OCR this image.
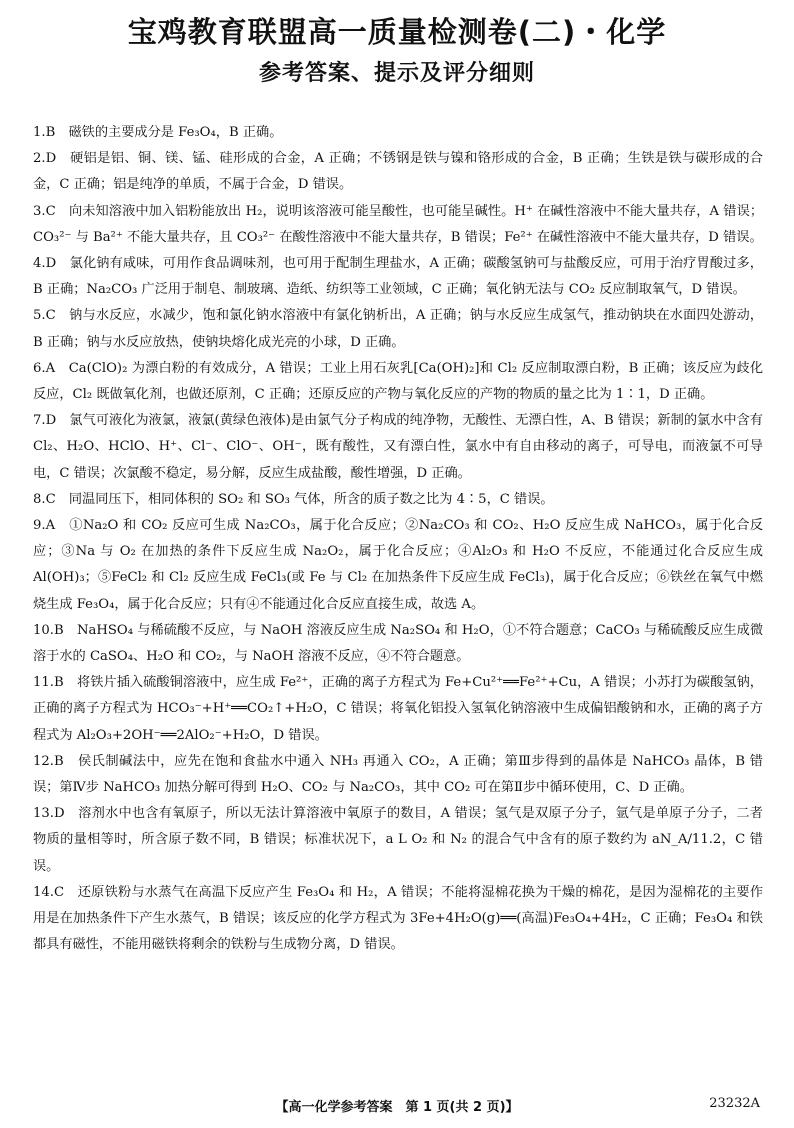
宝鸡教育联盟高一质量检测卷(二)・化学
参考答案、提示及评分细则
1.B　 磁铁的主要成分是 Fe₃O₄，B 正确。
2.D　 硬铝是铝、铜、镁、锰、硅形成的合金，A 正确；不锈钢是铁与镍和铬形成的合金，B 正确；生铁是铁与碳形成的合金，C 正确；铝是纯净的单质，不属于合金，D 错误。
3.C　 向未知溶液中加入铝粉能放出 H₂，说明该溶液可能呈酸性，也可能呈碱性。H⁺ 在碱性溶液中不能大量共存，A 错误；CO₃²⁻ 与 Ba²⁺ 不能大量共存，且 CO₃²⁻ 在酸性溶液中不能大量共存，B 错误；Fe²⁺ 在碱性溶液中不能大量共存，D 错误。
4.D　 氯化钠有咸味，可用作食品调味剂，也可用于配制生理盐水，A 正确；碳酸氢钠可与盐酸反应，可用于治疗胃酸过多，B 正确；Na₂CO₃ 广泛用于制皂、制玻璃、造纸、纺织等工业领域，C 正确；氧化钠无法与 CO₂ 反应制取氧气，D 错误。
5.C　 钠与水反应，水减少，饱和氯化钠水溶液中有氯化钠析出，A 正确；钠与水反应生成氢气，推动钠块在水面四处游动，B 正确；钠与水反应放热，使钠块熔化成光亮的小球，D 正确。
6.A　 Ca(ClO)₂ 为漂白粉的有效成分，A 错误；工业上用石灰乳[Ca(OH)₂]和 Cl₂ 反应制取漂白粉，B 正确；该反应为歧化反应，Cl₂ 既做氧化剂，也做还原剂，C 正确；还原反应的产物与氧化反应的产物的物质的量之比为 1∶1，D 正确。
7.D　 氯气可液化为液氯，液氯(黄绿色液体)是由氯气分子构成的纯净物，无酸性、无漂白性，A、B 错误；新制的氯水中含有 Cl₂、H₂O、HClO、H⁺、Cl⁻、ClO⁻、OH⁻，既有酸性，又有漂白性，氯水中有自由移动的离子，可导电，而液氯不可导电，C 错误；次氯酸不稳定，易分解，反应生成盐酸，酸性增强，D 正确。
8.C　 同温同压下，相同体积的 SO₂ 和 SO₃ 气体，所含的质子数之比为 4∶5，C 错误。
9.A　 ①Na₂O 和 CO₂ 反应可生成 Na₂CO₃，属于化合反应；②Na₂CO₃ 和 CO₂、H₂O 反应生成 NaHCO₃，属于化合反应；③Na 与 O₂ 在加热的条件下反应生成 Na₂O₂，属于化合反应；④Al₂O₃ 和 H₂O 不反应，不能通过化合反应生成 Al(OH)₃；⑤FeCl₂ 和 Cl₂ 反应生成 FeCl₃(或 Fe 与 Cl₂ 在加热条件下反应生成 FeCl₃)，属于化合反应；⑥铁丝在氧气中燃烧生成 Fe₃O₄，属于化合反应；只有④不能通过化合反应直接生成，故选 A。
10.B　 NaHSO₄ 与稀硫酸不反应，与 NaOH 溶液反应生成 Na₂SO₄ 和 H₂O，①不符合题意；CaCO₃ 与稀硫酸反应生成微溶于水的 CaSO₄、H₂O 和 CO₂，与 NaOH 溶液不反应，④不符合题意。
11.B　 将铁片插入硫酸铜溶液中，应生成 Fe²⁺，正确的离子方程式为 Fe+Cu²⁺══Fe²⁺+Cu，A 错误；小苏打为碳酸氢钠，正确的离子方程式为 HCO₃⁻+H⁺══CO₂↑+H₂O，C 错误；将氧化铝投入氢氧化钠溶液中生成偏铝酸钠和水，正确的离子方程式为 Al₂O₃+2OH⁻══2AlO₂⁻+H₂O，D 错误。
12.B　 侯氏制碱法中，应先在饱和食盐水中通入 NH₃ 再通入 CO₂，A 正确；第Ⅲ步得到的晶体是 NaHCO₃ 晶体，B 错误；第Ⅳ步 NaHCO₃ 加热分解可得到 H₂O、CO₂ 与 Na₂CO₃，其中 CO₂ 可在第Ⅱ步中循环使用，C、D 正确。
13.D　 溶剂水中也含有氧原子，所以无法计算溶液中氧原子的数目，A 错误；氢气是双原子分子，氩气是单原子分子，二者物质的量相等时，所含原子数不同，B 错误；标准状况下，a L O₂ 和 N₂ 的混合气中含有的原子数约为 aN_A/11.2，C 错误。
14.C　 还原铁粉与水蒸气在高温下反应产生 Fe₃O₄ 和 H₂，A 错误；不能将湿棉花换为干燥的棉花，是因为湿棉花的主要作用是在加热条件下产生水蒸气，B 错误；该反应的化学方程式为 3Fe+4H₂O(g)══(高温)Fe₃O₄+4H₂，C 正确；Fe₃O₄ 和铁都具有磁性，不能用磁铁将剩余的铁粉与生成物分离，D 错误。
【高一化学参考答案　第 1 页(共 2 页)】	23232A
